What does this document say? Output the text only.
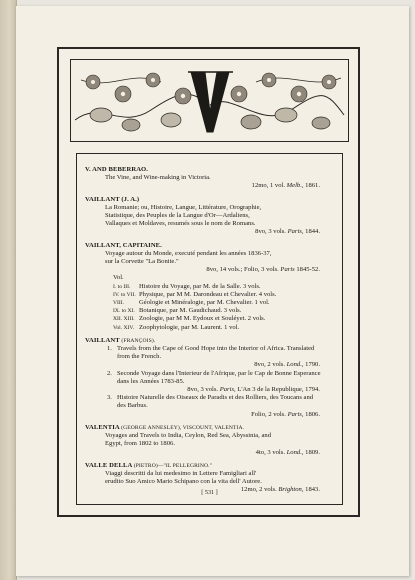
V. AND BEBERRAO.
The Vine, and Wine-making in Victoria.
12mo, 1 vol. Melb., 1861.
VAILLANT (J. A.)
La Romanie; ou, Histoire, Langue, Littérature, Orographie,
Statistique, des Peuples de la Langue d'Or—Ardaliens,
Vallaques et Moldaves, resumés sous le nom de Romans.
8vo, 3 vols. Paris, 1844.
VAILLANT, CAPITAINE.
Voyage autour du Monde, executé pendant les années 1836-37,
sur la Corvette "La Bonite."
8vo, 14 vols.; Folio, 3 vols. Paris 1845-52.
Vol.
I. to III.	Histoire du Voyage, par M. de la Salle. 3 vols.
IV. to VII. Physique, par M M. Darondeau et Chevalier. 4 vols.
VIII.	Géologie et Minéralogie, par M. Chevalier. 1 vol.
IX. to XI. Botanique, par M. Gaudichaud. 3 vols.
XII. XIII. Zoologie, par M M. Eydoux et Souléyet. 2 vols.
Vol. XIV. Zoophytologie, par M. Laurent. 1 vol.
VAILLANT (FRANÇOIS).
1. Travels from the Cape of Good Hope into the Interior of Africa. Translated from the French.
8vo, 2 vols. Lond., 1790.
2. Seconde Voyage dans l'Interieur de l'Afrique, par le Cap de Bonne Esperance dans les Années 1783-85.
8vo, 3 vols. Paris, L'An 3 de la Republique, 1794.
3. Histoire Naturelle des Oiseaux de Paradis et des Rolliers, des Toucans and des Barbus.
Folio, 2 vols. Paris, 1806.
VALENTIA (GEORGE ANNESLEY), VISCOUNT, VALENTIA.
Voyages and Travels to India, Ceylon, Red Sea, Abyssinia, and
Egypt, from 1802 to 1806.
4to, 3 vols. Lond., 1809.
VALLE DELLA (PIETRO)—"IL PELLEGRINO."
Viaggi descritti da lui medesimo in Lettere Famigliari all'
erudito Suo Amico Mario Schipano con la vita dell' Autore.
12mo, 2 vols. Brighton, 1843.
[ 531 ]
